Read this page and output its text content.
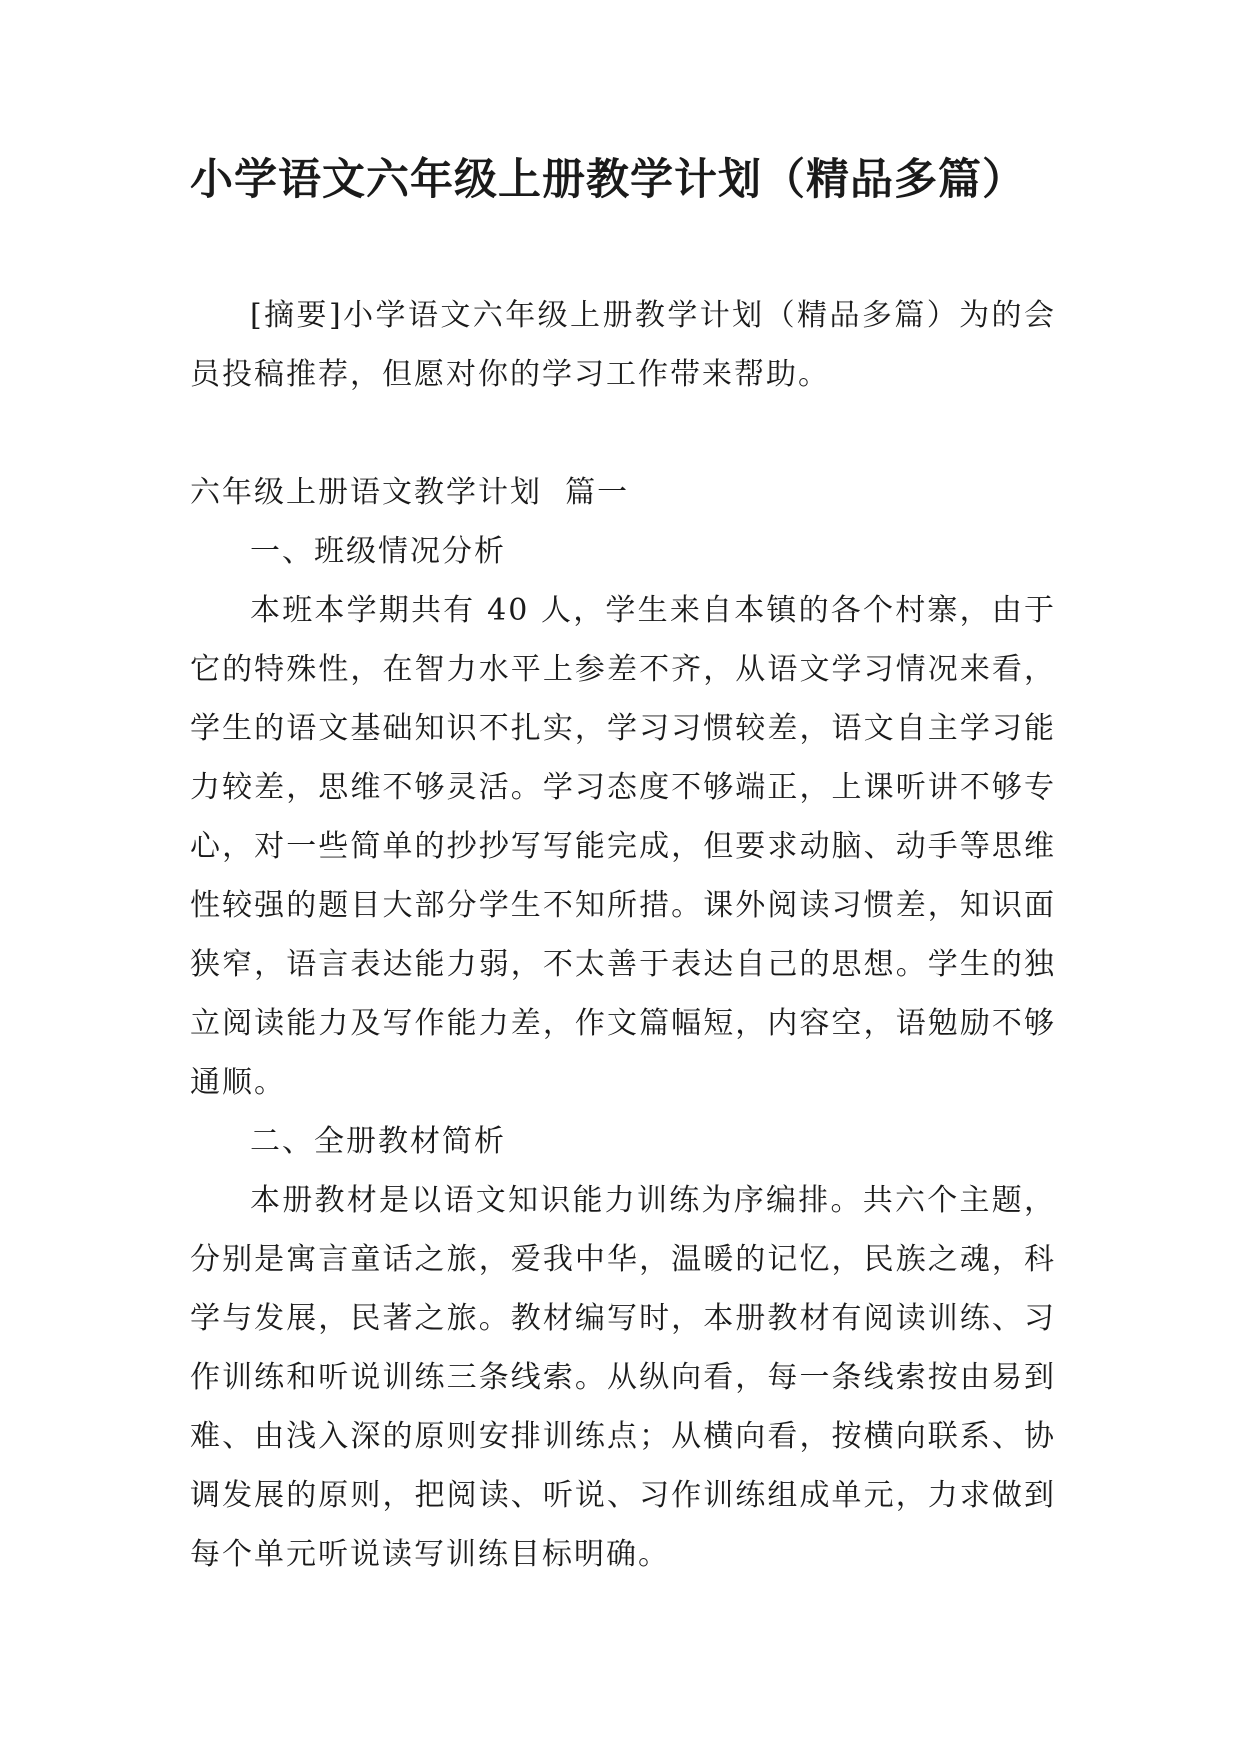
小学语文六年级上册教学计划（精品多篇）

[摘要]小学语文六年级上册教学计划（精品多篇）为的会员投稿推荐，但愿对你的学习工作带来帮助。

六年级上册语文教学计划  篇一

一、班级情况分析

本班本学期共有 40 人，学生来自本镇的各个村寨，由于它的特殊性，在智力水平上参差不齐，从语文学习情况来看，学生的语文基础知识不扎实，学习习惯较差，语文自主学习能力较差，思维不够灵活。学习态度不够端正，上课听讲不够专心，对一些简单的抄抄写写能完成，但要求动脑、动手等思维性较强的题目大部分学生不知所措。课外阅读习惯差，知识面狭窄，语言表达能力弱，不太善于表达自己的思想。学生的独立阅读能力及写作能力差，作文篇幅短，内容空，语勉励不够通顺。

二、全册教材简析

本册教材是以语文知识能力训练为序编排。共六个主题，分别是寓言童话之旅，爱我中华，温暖的记忆，民族之魂，科学与发展，民著之旅。教材编写时，本册教材有阅读训练、习作训练和听说训练三条线索。从纵向看，每一条线索按由易到难、由浅入深的原则安排训练点；从横向看，按横向联系、协调发展的原则，把阅读、听说、习作训练组成单元，力求做到每个单元听说读写训练目标明确。
